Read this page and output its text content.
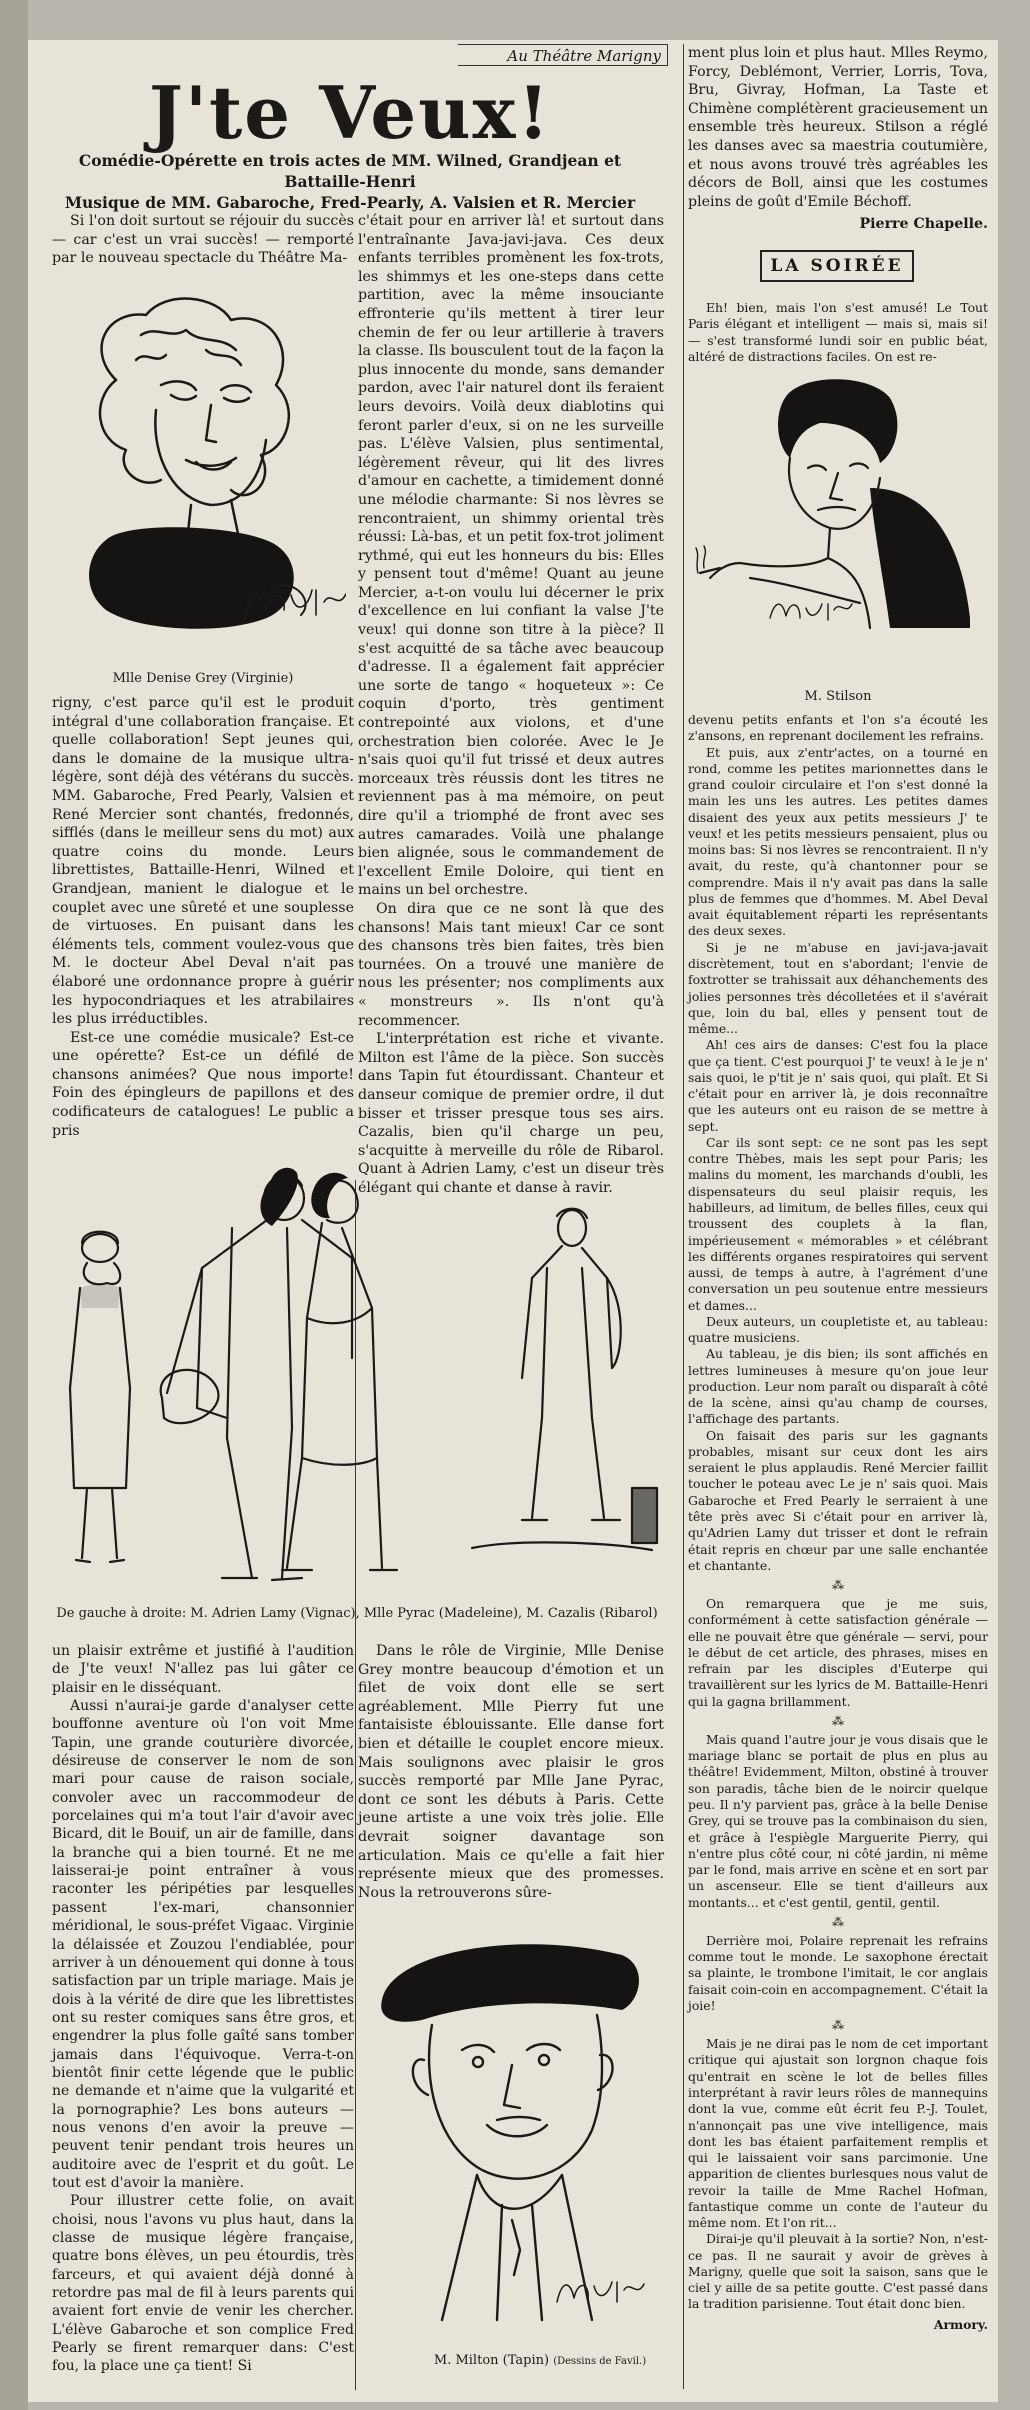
Au Théâtre Marigny
J'te Veux!
Comédie-Opérette en trois actes de MM. Wilned, Grandjean et Battaille-Henri
Musique de MM. Gabaroche, Fred-Pearly, A. Valsien et R. Mercier

Si l'on doit surtout se réjouir du succès — car c'est un vrai succès! — remporté par le nouveau spectacle du Théâtre Ma-

Mlle Denise Grey (Virginie)

rigny, c'est parce qu'il est le produit intégral d'une collaboration française. Et quelle collaboration! Sept jeunes qui, dans le domaine de la musique ultra-légère, sont déjà des vétérans du succès. MM. Gabaroche, Fred Pearly, Valsien et René Mercier sont chantés, fredonnés, sifflés (dans le meilleur sens du mot) aux quatre coins du monde. Leurs librettistes, Battaille-Henri, Wilned et Grandjean, manient le dialogue et le couplet avec une sûreté et une souplesse de virtuoses. En puisant dans les éléments tels, comment voulez-vous que M. le docteur Abel Deval n'ait pas élaboré une ordonnance propre à guérir les hypocondriaques et les atrabilaires les plus irréductibles.

Est-ce une comédie musicale? Est-ce une opérette? Est-ce un défilé de chansons animées? Que nous importe! Foin des épingleurs de papillons et des codificateurs de catalogues! Le public a pris

De gauche à droite: M. Adrien Lamy (Vignac), Mlle Pyrac (Madeleine), M. Cazalis (Ribarol)

un plaisir extrême et justifié à l'audition de J'te veux! N'allez pas lui gâter ce plaisir en le disséquant.

Aussi n'aurai-je garde d'analyser cette bouffonne aventure où l'on voit Mme Tapin, une grande couturière divorcée, désireuse de conserver le nom de son mari pour cause de raison sociale, convoler avec un raccommodeur de porcelaines qui m'a tout l'air d'avoir avec Bicard, dit le Bouif, un air de famille, dans la branche qui a bien tourné. Et ne me laisserai-je point entraîner à vous raconter les péripéties par lesquelles passent l'ex-mari, chansonnier méridional, le sous-préfet Vigaac. Virginie la délaissée et Zouzou l'endiablée, pour arriver à un dénouement qui donne à tous satisfaction par un triple mariage. Mais je dois à la vérité de dire que les librettistes ont su rester comiques sans être gros, et engendrer la plus folle gaîté sans tomber jamais dans l'équivoque. Verra-t-on bientôt finir cette légende que le public ne demande et n'aime que la vulgarité et la pornographie? Les bons auteurs — nous venons d'en avoir la preuve — peuvent tenir pendant trois heures un auditoire avec de l'esprit et du goût. Le tout est d'avoir la manière.

Pour illustrer cette folie, on avait choisi, nous l'avons vu plus haut, dans la classe de musique légère française, quatre bons élèves, un peu étourdis, très farceurs, et qui avaient déjà donné à retordre pas mal de fil à leurs parents qui avaient fort envie de venir les chercher. L'élève Gabaroche et son complice Fred Pearly se firent remarquer dans: C'est fou, la place une ça tient! Si

c'était pour en arriver là! et surtout dans l'entraînante Java-javi-java. Ces deux enfants terribles promènent les fox-trots, les shimmys et les one-steps dans cette partition, avec la même insouciante effronterie qu'ils mettent à tirer leur chemin de fer ou leur artillerie à travers la classe. Ils bousculent tout de la façon la plus innocente du monde, sans demander pardon, avec l'air naturel dont ils feraient leurs devoirs. Voilà deux diablotins qui feront parler d'eux, si on ne les surveille pas. L'élève Valsien, plus sentimental, légèrement rêveur, qui lit des livres d'amour en cachette, a timidement donné une mélodie charmante: Si nos lèvres se rencontraient, un shimmy oriental très réussi: Là-bas, et un petit fox-trot joliment rythmé, qui eut les honneurs du bis: Elles y pensent tout d'même! Quant au jeune Mercier, a-t-on voulu lui décerner le prix d'excellence en lui confiant la valse J'te veux! qui donne son titre à la pièce? Il s'est acquitté de sa tâche avec beaucoup d'adresse. Il a également fait apprécier une sorte de tango « hoqueteux »: Ce coquin d'porto, très gentiment contrepointé aux violons, et d'une orchestration bien colorée. Avec le Je n'sais quoi qu'il fut trissé et deux autres morceaux très réussis dont les titres ne reviennent pas à ma mémoire, on peut dire qu'il a triomphé de front avec ses autres camarades. Voilà une phalange bien alignée, sous le commandement de l'excellent Emile Doloire, qui tient en mains un bel orchestre.

On dira que ce ne sont là que des chansons! Mais tant mieux! Car ce sont des chansons très bien faites, très bien tournées. On a trouvé une manière de nous les présenter; nos compliments aux « monstreurs ». Ils n'ont qu'à recommencer.

L'interprétation est riche et vivante. Milton est l'âme de la pièce. Son succès dans Tapin fut étourdissant. Chanteur et danseur comique de premier ordre, il dut bisser et trisser presque tous ses airs. Cazalis, bien qu'il charge un peu, s'acquitte à merveille du rôle de Ribarol. Quant à Adrien Lamy, c'est un diseur très élégant qui chante et danse à ravir.

Dans le rôle de Virginie, Mlle Denise Grey montre beaucoup d'émotion et un filet de voix dont elle se sert agréablement. Mlle Pierry fut une fantaisiste éblouissante. Elle danse fort bien et détaille le couplet encore mieux. Mais soulignons avec plaisir le gros succès remporté par Mlle Jane Pyrac, dont ce sont les débuts à Paris. Cette jeune artiste a une voix très jolie. Elle devrait soigner davantage son articulation. Mais ce qu'elle a fait hier représente mieux que des promesses. Nous la retrouverons sûre-

M. Milton (Tapin) (Dessins de Favil.)

ment plus loin et plus haut. Mlles Reymo, Forcy, Deblémont, Verrier, Lorris, Tova, Bru, Givray, Hofman, La Taste et Chimène complétèrent gracieusement un ensemble très heureux. Stilson a réglé les danses avec sa maestria coutumière, et nous avons trouvé très agréables les décors de Boll, ainsi que les costumes pleins de goût d'Emile Béchoff.

Pierre Chapelle.
LA SOIRÉE

Eh! bien, mais l'on s'est amusé! Le Tout Paris élégant et intelligent — mais si, mais si! — s'est transformé lundi soir en public béat, altéré de distractions faciles. On est re-

M. Stilson

devenu petits enfants et l'on s'a écouté les z'ansons, en reprenant docilement les refrains.

Et puis, aux z'entr'actes, on a tourné en rond, comme les petites marionnettes dans le grand couloir circulaire et l'on s'est donné la main les uns les autres. Les petites dames disaient des yeux aux petits messieurs J' te veux! et les petits messieurs pensaient, plus ou moins bas: Si nos lèvres se rencontraient. Il n'y avait, du reste, qu'à chantonner pour se comprendre. Mais il n'y avait pas dans la salle plus de femmes que d'hommes. M. Abel Deval avait équitablement réparti les représentants des deux sexes.

Si je ne m'abuse en javi-java-javait discrètement, tout en s'abordant; l'envie de foxtrotter se trahissait aux déhanchements des jolies personnes très décolletées et il s'avérait que, loin du bal, elles y pensent tout de même...

Ah! ces airs de danses: C'est fou la place que ça tient. C'est pourquoi J' te veux! à le je n' sais quoi, le p'tit je n' sais quoi, qui plaît. Et Si c'était pour en arriver là, je dois reconnaître que les auteurs ont eu raison de se mettre à sept.

Car ils sont sept: ce ne sont pas les sept contre Thèbes, mais les sept pour Paris; les malins du moment, les marchands d'oubli, les dispensateurs du seul plaisir requis, les habilleurs, ad limitum, de belles filles, ceux qui troussent des couplets à la flan, impérieusement « mémorables » et célébrant les différents organes respiratoires qui servent aussi, de temps à autre, à l'agrément d'une conversation un peu soutenue entre messieurs et dames...

Deux auteurs, un coupletiste et, au tableau: quatre musiciens.

Au tableau, je dis bien; ils sont affichés en lettres lumineuses à mesure qu'on joue leur production. Leur nom paraît ou disparaît à côté de la scène, ainsi qu'au champ de courses, l'affichage des partants.

On faisait des paris sur les gagnants probables, misant sur ceux dont les airs seraient le plus applaudis. René Mercier faillit toucher le poteau avec Le je n' sais quoi. Mais Gabaroche et Fred Pearly le serraient à une tête près avec Si c'était pour en arriver là, qu'Adrien Lamy dut trisser et dont le refrain était repris en chœur par une salle enchantée et chantante.

⁂

On remarquera que je me suis, conformément à cette satisfaction générale — elle ne pouvait être que générale — servi, pour le début de cet article, des phrases, mises en refrain par les disciples d'Euterpe qui travaillèrent sur les lyrics de M. Battaille-Henri qui la gagna brillamment.

⁂

Mais quand l'autre jour je vous disais que le mariage blanc se portait de plus en plus au théâtre! Evidemment, Milton, obstiné à trouver son paradis, tâche bien de le noircir quelque peu. Il n'y parvient pas, grâce à la belle Denise Grey, qui se trouve pas la combinaison du sien, et grâce à l'espiègle Marguerite Pierry, qui n'entre plus côté cour, ni côté jardin, ni même par le fond, mais arrive en scène et en sort par un ascenseur. Elle se tient d'ailleurs aux montants... et c'est gentil, gentil, gentil.

⁂

Derrière moi, Polaire reprenait les refrains comme tout le monde. Le saxophone érectait sa plainte, le trombone l'imitait, le cor anglais faisait coin-coin en accompagnement. C'était la joie!

⁂

Mais je ne dirai pas le nom de cet important critique qui ajustait son lorgnon chaque fois qu'entrait en scène le lot de belles filles interprétant à ravir leurs rôles de mannequins dont la vue, comme eût écrit feu P.-J. Toulet, n'annonçait pas une vive intelligence, mais dont les bas étaient parfaitement remplis et qui le laissaient voir sans parcimonie. Une apparition de clientes burlesques nous valut de revoir la taille de Mme Rachel Hofman, fantastique comme un conte de l'auteur du même nom. Et l'on rit...

Dirai-je qu'il pleuvait à la sortie? Non, n'est-ce pas. Il ne saurait y avoir de grèves à Marigny, quelle que soit la saison, sans que le ciel y aille de sa petite goutte. C'est passé dans la tradition parisienne. Tout était donc bien.

Armory.
